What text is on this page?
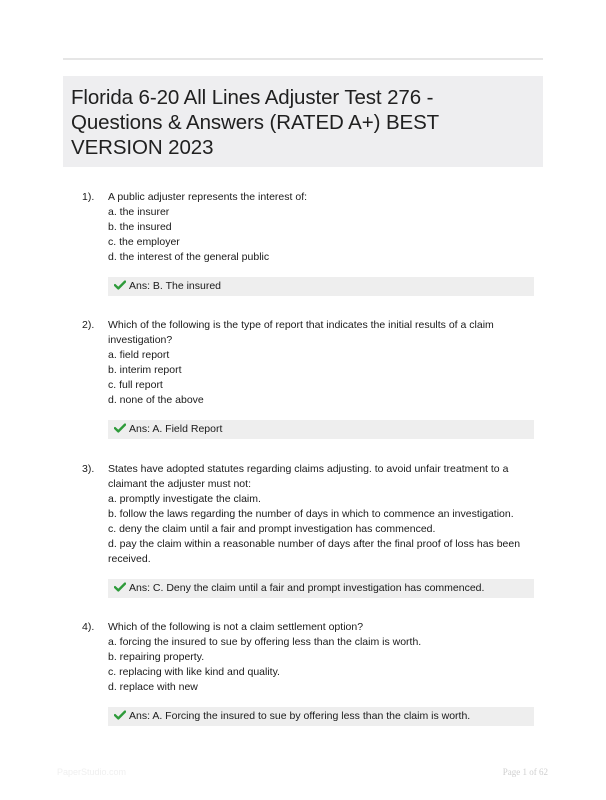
Florida 6-20 All Lines Adjuster Test 276 -
Questions & Answers (RATED A+) BEST
VERSION 2023
1). A public adjuster represents the interest of:
a. the insurer
b. the insured
c. the employer
d. the interest of the general public
Ans: B. The insured
2). Which of the following is the type of report that indicates the initial results of a claim
investigation?
a. field report
b. interim report
c. full report
d. none of the above
Ans: A. Field Report
3). States have adopted statutes regarding claims adjusting. to avoid unfair treatment to a
claimant the adjuster must not:
a. promptly investigate the claim.
b. follow the laws regarding the number of days in which to commence an investigation.
c. deny the claim until a fair and prompt investigation has commenced.
d. pay the claim within a reasonable number of days after the final proof of loss has been
received.
Ans: C. Deny the claim until a fair and prompt investigation has commenced.
4). Which of the following is not a claim settlement option?
a. forcing the insured to sue by offering less than the claim is worth.
b. repairing property.
c. replacing with like kind and quality.
d. replace with new
Ans: A. Forcing the insured to sue by offering less than the claim is worth.
PaperStudio.com	Page 1 of 62
